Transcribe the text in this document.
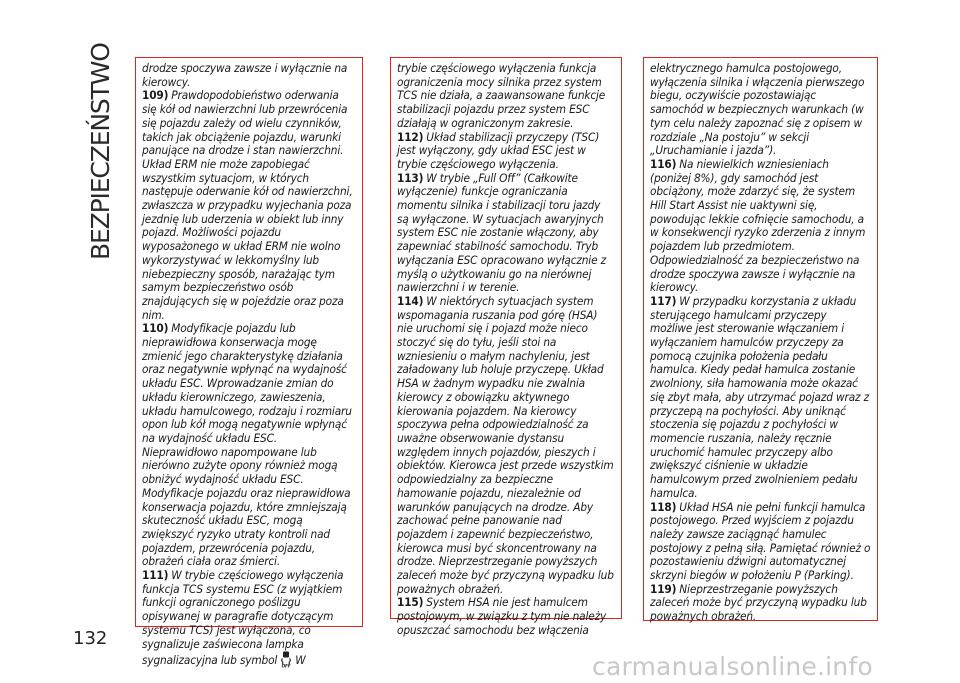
BEZPIECZEŃSTWO

drodze spoczywa zawsze i wyłącznie na kierowcy.

109) Prawdopodobieństwo oderwania się kół od nawierzchni lub przewrócenia się pojazdu zależy od wielu czynników, takich jak obciążenie pojazdu, warunki panujące na drodze i stan nawierzchni. Układ ERM nie może zapobiegać wszystkim sytuacjom, w których następuje oderwanie kół od nawierzchni, zwłaszcza w przypadku wyjechania poza jezdnię lub uderzenia w obiekt lub inny pojazd. Możliwości pojazdu wyposażonego w układ ERM nie wolno wykorzystywać w lekkomyślny lub niebezpieczny sposób, narażając tym samym bezpieczeństwo osób znajdujących się w pojeździe oraz poza nim.

110) Modyfikacje pojazdu lub nieprawidłowa konserwacja mogę zmienić jego charakterystykę działania oraz negatywnie wpłynąć na wydajność układu ESC. Wprowadzanie zmian do układu kierowniczego, zawieszenia, układu hamulcowego, rodzaju i rozmiaru opon lub kół mogą negatywnie wpłynąć na wydajność układu ESC. Nieprawidłowo napompowane lub nierówno zużyte opony również mogą obniżyć wydajność układu ESC. Modyfikacje pojazdu oraz nieprawidłowa konserwacja pojazdu, które zmniejszają skuteczność układu ESC, mogą zwiększyć ryzyko utraty kontroli nad pojazdem, przewrócenia pojazdu, obrażeń ciała oraz śmierci.

111) W trybie częściowego wyłączenia funkcja TCS systemu ESC (z wyjątkiem funkcji ograniczonego poślizgu opisywanej w paragrafie dotyczącym systemu TCS) jest wyłączona, co sygnalizuje zaświecona lampka sygnalizacyjna lub symbol OFF W

trybie częściowego wyłączenia funkcja ograniczenia mocy silnika przez system TCS nie działa, a zaawansowane funkcje stabilizacji pojazdu przez system ESC działają w ograniczonym zakresie.

112) Układ stabilizacji przyczepy (TSC) jest wyłączony, gdy układ ESC jest w trybie częściowego wyłączenia.

113) W trybie „Full Off” (Całkowite wyłączenie) funkcje ograniczania momentu silnika i stabilizacji toru jazdy są wyłączone. W sytuacjach awaryjnych system ESC nie zostanie włączony, aby zapewniać stabilność samochodu. Tryb wyłączania ESC opracowano wyłącznie z myślą o użytkowaniu go na nierównej nawierzchni i w terenie.

114) W niektórych sytuacjach system wspomagania ruszania pod górę (HSA) nie uruchomi się i pojazd może nieco stoczyć się do tyłu, jeśli stoi na wzniesieniu o małym nachyleniu, jest załadowany lub holuje przyczepę. Układ HSA w żadnym wypadku nie zwalnia kierowcy z obowiązku aktywnego kierowania pojazdem. Na kierowcy spoczywa pełna odpowiedzialność za uważne obserwowanie dystansu względem innych pojazdów, pieszych i obiektów. Kierowca jest przede wszystkim odpowiedzialny za bezpieczne hamowanie pojazdu, niezależnie od warunków panujących na drodze. Aby zachować pełne panowanie nad pojazdem i zapewnić bezpieczeństwo, kierowca musi być skoncentrowany na drodze. Nieprzestrzeganie powyższych zaleceń może być przyczyną wypadku lub poważnych obrażeń.

115) System HSA nie jest hamulcem postojowym, w związku z tym nie należy opuszczać samochodu bez włączenia

elektrycznego hamulca postojowego, wyłączenia silnika i włączenia pierwszego biegu, oczywiście pozostawiając samochód w bezpiecznych warunkach (w tym celu należy zapoznać się z opisem w rozdziale „Na postoju” w sekcji „Uruchamianie i jazda”).

116) Na niewielkich wzniesieniach (poniżej 8%), gdy samochód jest obciążony, może zdarzyć się, że system Hill Start Assist nie uaktywni się, powodując lekkie cofnięcie samochodu, a w konsekwencji ryzyko zderzenia z innym pojazdem lub przedmiotem. Odpowiedzialność za bezpieczeństwo na drodze spoczywa zawsze i wyłącznie na kierowcy.

117) W przypadku korzystania z układu sterującego hamulcami przyczepy możliwe jest sterowanie włączaniem i wyłączaniem hamulców przyczepy za pomocą czujnika położenia pedału hamulca. Kiedy pedał hamulca zostanie zwolniony, siła hamowania może okazać się zbyt mała, aby utrzymać pojazd wraz z przyczepą na pochyłości. Aby uniknąć stoczenia się pojazdu z pochyłości w momencie ruszania, należy ręcznie uruchomić hamulec przyczepy albo zwiększyć ciśnienie w układzie hamulcowym przed zwolnieniem pedału hamulca.

118) Układ HSA nie pełni funkcji hamulca postojowego. Przed wyjściem z pojazdu należy zawsze zaciągnąć hamulec postojowy z pełną siłą. Pamiętać również o pozostawieniu dźwigni automatycznej skrzyni biegów w położeniu P (Parking).

119) Nieprzestrzeganie powyższych zaleceń może być przyczyną wypadku lub poważnych obrażeń.

132
carmanualsonline.info
